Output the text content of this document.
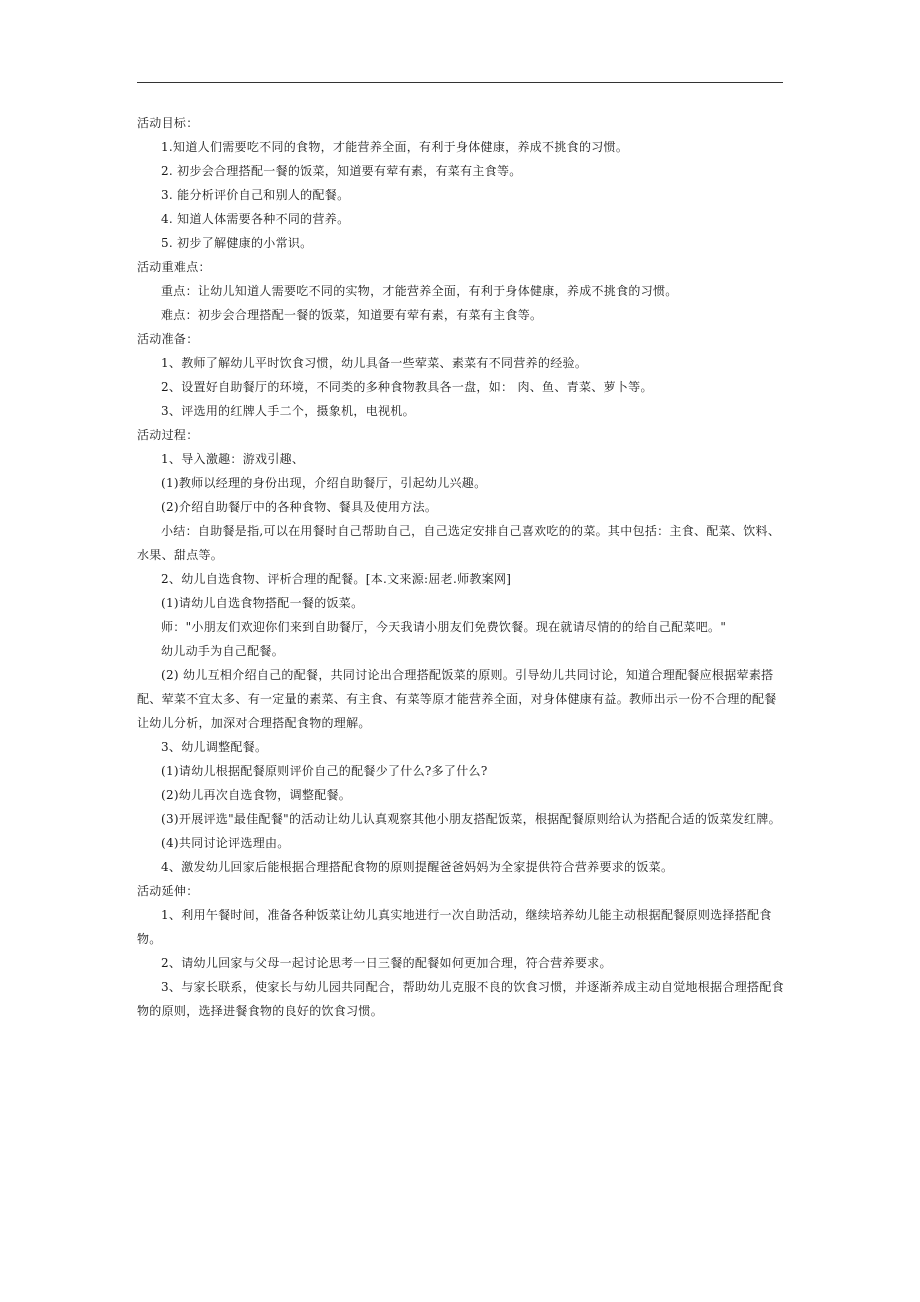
活动目标：
1.知道人们需要吃不同的食物，才能营养全面，有利于身体健康，养成不挑食的习惯。
2. 初步会合理搭配一餐的饭菜，知道要有荤有素，有菜有主食等。
3. 能分析评价自己和别人的配餐。
4. 知道人体需要各种不同的营养。
5. 初步了解健康的小常识。
活动重难点：
重点：让幼儿知道人需要吃不同的实物，才能营养全面，有利于身体健康，养成不挑食的习惯。
难点：初步会合理搭配一餐的饭菜，知道要有荤有素，有菜有主食等。
活动准备：
1、教师了解幼儿平时饮食习惯，幼儿具备一些荤菜、素菜有不同营养的经验。
2、设置好自助餐厅的环境，不同类的多种食物教具各一盘，如： 肉、鱼、青菜、萝卜等。
3、评选用的红牌人手二个，摄象机，电视机。
活动过程：
1、导入激趣：游戏引趣、
(1)教师以经理的身份出现，介绍自助餐厅，引起幼儿兴趣。
(2)介绍自助餐厅中的各种食物、餐具及使用方法。
小结：自助餐是指,可以在用餐时自己帮助自己，自己选定安排自己喜欢吃的的菜。其中包括：主食、配菜、饮料、水果、甜点等。
2、幼儿自选食物、评析合理的配餐。[本.文来源:屈老.师教案网]
(1)请幼儿自选食物搭配一餐的饭菜。
师："小朋友们欢迎你们来到自助餐厅，今天我请小朋友们免费饮餐。现在就请尽情的的给自己配菜吧。"
幼儿动手为自己配餐。
(2) 幼儿互相介绍自己的配餐，共同讨论出合理搭配饭菜的原则。引导幼儿共同讨论，知道合理配餐应根据荤素搭配、荤菜不宜太多、有一定量的素菜、有主食、有菜等原才能营养全面，对身体健康有益。教师出示一份不合理的配餐让幼儿分析，加深对合理搭配食物的理解。
3、幼儿调整配餐。
(1)请幼儿根据配餐原则评价自己的配餐少了什么?多了什么?
(2)幼儿再次自选食物，调整配餐。
(3)开展评选"最佳配餐"的活动让幼儿认真观察其他小朋友搭配饭菜，根据配餐原则给认为搭配合适的饭菜发红牌。
(4)共同讨论评选理由。
4、激发幼儿回家后能根据合理搭配食物的原则提醒爸爸妈妈为全家提供符合营养要求的饭菜。
活动延伸：
1、利用午餐时间，准备各种饭菜让幼儿真实地进行一次自助活动，继续培养幼儿能主动根据配餐原则选择搭配食物。
2、请幼儿回家与父母一起讨论思考一日三餐的配餐如何更加合理，符合营养要求。
3、与家长联系，使家长与幼儿园共同配合，帮助幼儿克服不良的饮食习惯，并逐渐养成主动自觉地根据合理搭配食物的原则，选择进餐食物的良好的饮食习惯。
